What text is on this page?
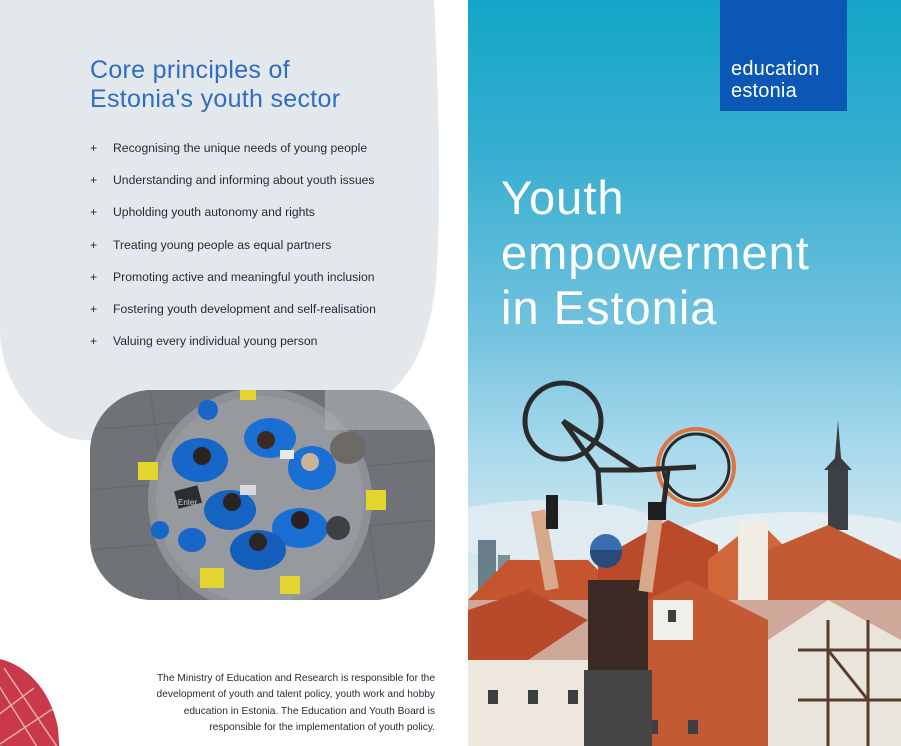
Core principles of
Estonia's youth sector
+	Recognising the unique needs of young people
+	Understanding and informing about youth issues
+	Upholding youth autonomy and rights
+	Treating young people as equal partners
+	Promoting active and meaningful youth inclusion
+	Fostering youth development and self-realisation
+	Valuing every individual young person
Enter

The Ministry of Education and Research is responsible for the development of youth and talent policy, youth work and hobby education in Estonia. The Education and Youth Board is responsible for the implementation of youth policy.

education
estonia
Youth
empowerment
in Estonia
